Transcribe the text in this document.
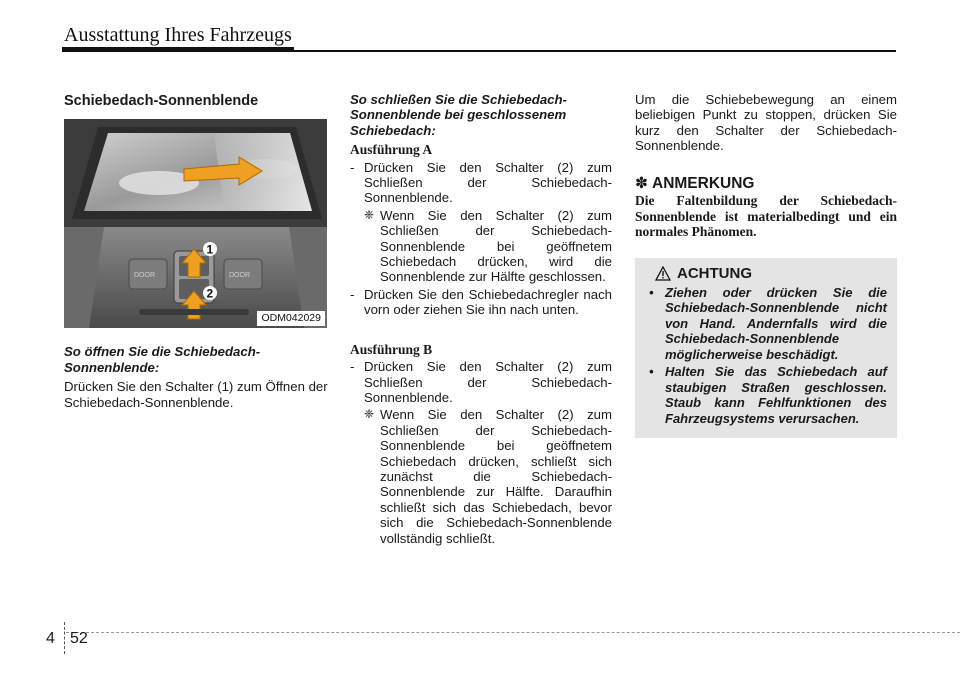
Ausstattung Ihres Fahrzeugs
Schiebedach-Sonnenblende
DOOR	DOOR
1
2
ODM042029
So öffnen Sie die Schiebedach-Sonnenblende:

Drücken Sie den Schalter (1) zum Öffnen der Schiebedach-Sonnenblende.

So schließen Sie die Schiebedach-Sonnenblende bei geschlossenem Schiebedach:
Ausführung A
- Drücken Sie den Schalter (2) zum Schließen der Schiebedach-Sonnenblende.
❈ Wenn Sie den Schalter (2) zum Schließen der Schiebedach-Sonnenblende bei geöffnetem Schiebedach drücken, wird die Sonnenblende zur Hälfte geschlossen.
- Drücken Sie den Schiebedachregler nach vorn oder ziehen Sie ihn nach unten.
Ausführung B
- Drücken Sie den Schalter (2) zum Schließen der Schiebedach-Sonnenblende.
❈ Wenn Sie den Schalter (2) zum Schließen der Schiebedach-Sonnenblende bei geöffnetem Schiebedach drücken, schließt sich zunächst die Schiebedach-Sonnenblende zur Hälfte. Daraufhin schließt sich das Schiebedach, bevor sich die Schiebedach-Sonnenblende vollständig schließt.

Um die Schiebebewegung an einem beliebigen Punkt zu stoppen, drücken Sie kurz den Schalter der Schiebedach-Sonnenblende.

✽ ANMERKUNG

Die Faltenbildung der Schiebedach-Sonnenblende ist materialbedingt und ein normales Phänomen.

ACHTUNG
• Ziehen oder drücken Sie die Schiebedach-Sonnenblende nicht von Hand. Andernfalls wird die Schiebedach-Sonnenblende möglicherweise beschädigt.
• Halten Sie das Schiebedach auf staubigen Straßen geschlossen. Staub kann Fehlfunktionen des Fahrzeugsystems verursachen.
4 52
